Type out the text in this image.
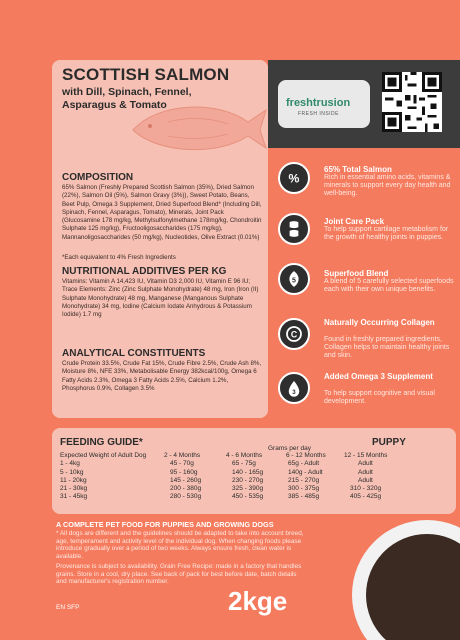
SCOTTISH SALMON
with Dill, Spinach, Fennel, Asparagus & Tomato
COMPOSITION
65% Salmon (Freshly Prepared Scottish Salmon (35%), Dried Salmon (22%), Salmon Oil (5%), Salmon Gravy (3%)), Sweet Potato, Beans, Beet Pulp, Omega 3 Supplement, Dried Superfood Blend* (Including Dill, Spinach, Fennel, Asparagus, Tomato), Minerals, Joint Pack (Glucosamine 178 mg/kg, Methylsulfonylmethane 178mg/kg, Chondroitin Sulphate 125 mg/kg), Fructooligosaccharides (175 mg/kg), Mannanoligosaccharides (50 mg/kg), Nucleotides, Olive Extract (0.01%)
*Each equivalent to 4% Fresh Ingredients
NUTRITIONAL ADDITIVES PER KG
Vitamins: Vitamin A 14,423 IU, Vitamin D3 2,000 IU, Vitamin E 96 IU; Trace Elements: Zinc (Zinc Sulphate Monohydrate) 48 mg, Iron (Iron (II) Sulphate Monohydrate) 48 mg, Manganese (Manganous Sulphate Monohydrate) 34 mg, Iodine (Calcium Iodate Anhydrous & Potassium Iodide) 1.7 mg
ANALYTICAL CONSTITUENTS
Crude Protein 33.5%, Crude Fat 15%, Crude Fibre 2.5%, Crude Ash 8%, Moisture 8%, NFE 33%, Metabolisable Energy 382kcal/100g, Omega 6 Fatty Acids 2.3%, Omega 3 Fatty Acids 2.5%, Calcium 1.2%, Phosphorus 0.9%, Collagen 3.5%
freshtrusion
FRESH INSIDE
%
65% Total Salmon
Rich in essential amino acids, vitamins & minerals to support every day health and well-being.
Joint Care Pack
To help support cartilage metabolism for the growth of healthy joints in puppies.
5
Superfood Blend
A blend of 5 carefully selected superfoods each with their own unique benefits.
C
Naturally Occurring Collagen
Found in freshly prepared ingredients, Collagen helps to maintain healthy joints and skin.
3
Added Omega 3 Supplement
To help support cognitive and visual development.
FEEDING GUIDE*	PUPPY
Grams per day
Expected Weight of Adult Dog
1 - 4kg
5 - 10kg
11 - 20kg
21 - 30kg
31 - 45kg
2 - 4 Months
45 - 70g
95 - 160g
145 - 260g
200 - 380g
280 - 530g
4 - 6 Months
65 - 75g
140 - 165g
230 - 270g
325 - 390g
450 - 535g
6 - 12 Months
65g - Adult
140g - Adult
215 - 270g
300 - 375g
385 - 485g
12 - 15 Months
Adult
Adult
Adult
310 - 320g
405 - 425g
A COMPLETE PET FOOD FOR PUPPIES AND GROWING DOGS
* All dogs are different and the guidelines should be adapted to take into account breed, age, temperament and activity level of the individual dog. When changing foods please introduce gradually over a period of two weeks. Always ensure fresh, clean water is available.
Provenance is subject to availability. Grain Free Recipe: made in a factory that handles grains. Store in a cool, dry place. See back of pack for best before date, batch details and manufacturer's registration number.
2kge
EN SFP
